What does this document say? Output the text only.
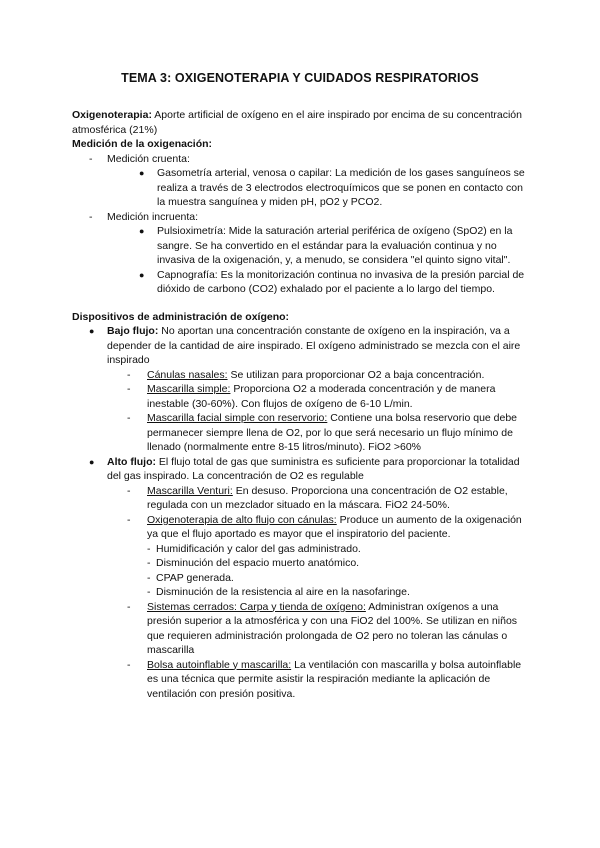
TEMA 3: OXIGENOTERAPIA Y CUIDADOS RESPIRATORIOS
Oxigenoterapia: Aporte artificial de oxígeno en el aire inspirado por encima de su concentración atmosférica (21%)
Medición de la oxigenación:
- Medición cruenta:
● Gasometría arterial, venosa o capilar: La medición de los gases sanguíneos se realiza a través de 3 electrodos electroquímicos que se ponen en contacto con la muestra sanguínea y miden pH, pO2 y PCO2.
- Medición incruenta:
● Pulsioximetría: Mide la saturación arterial periférica de oxígeno (SpO2) en la sangre. Se ha convertido en el estándar para la evaluación continua y no invasiva de la oxigenación, y, a menudo, se considera "el quinto signo vital".
● Capnografía: Es la monitorización continua no invasiva de la presión parcial de dióxido de carbono (CO2) exhalado por el paciente a lo largo del tiempo.
Dispositivos de administración de oxígeno:
● Bajo flujo: No aportan una concentración constante de oxígeno en la inspiración, va a depender de la cantidad de aire inspirado. El oxígeno administrado se mezcla con el aire inspirado
- Cánulas nasales: Se utilizan para proporcionar O2 a baja concentración.
- Mascarilla simple: Proporciona O2 a moderada concentración y de manera inestable (30-60%). Con flujos de oxígeno de 6-10 L/min.
- Mascarilla facial simple con reservorio: Contiene una bolsa reservorio que debe permanecer siempre llena de O2, por lo que será necesario un flujo mínimo de llenado (normalmente entre 8-15 litros/minuto). FiO2 >60%
● Alto flujo: El flujo total de gas que suministra es suficiente para proporcionar la totalidad del gas inspirado. La concentración de O2 es regulable
- Mascarilla Venturi: En desuso. Proporciona una concentración de O2 estable, regulada con un mezclador situado en la máscara. FiO2 24-50%.
- Oxigenoterapia de alto flujo con cánulas: Produce un aumento de la oxigenación ya que el flujo aportado es mayor que el inspiratorio del paciente.
- Humidificación y calor del gas administrado.
- Disminución del espacio muerto anatómico.
- CPAP generada.
- Disminución de la resistencia al aire en la nasofaringe.
- Sistemas cerrados: Carpa y tienda de oxígeno: Administran oxígenos a una presión superior a la atmosférica y con una FiO2 del 100%. Se utilizan en niños que requieren administración prolongada de O2 pero no toleran las cánulas o mascarilla
- Bolsa autoinflable y mascarilla: La ventilación con mascarilla y bolsa autoinflable es una técnica que permite asistir la respiración mediante la aplicación de ventilación con presión positiva.
